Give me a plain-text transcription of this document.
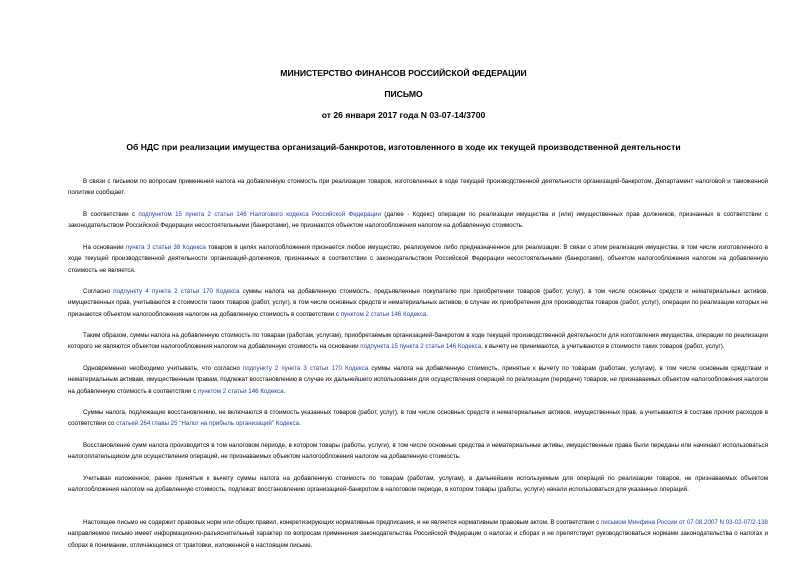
МИНИСТЕРСТВО ФИНАНСОВ РОССИЙСКОЙ ФЕДЕРАЦИИ
ПИСЬМО
от 26 января 2017 года N 03-07-14/3700
Об НДС при реализации имущества организаций-банкротов, изготовленного в ходе их текущей производственной деятельности

В связи с письмом по вопросам применения налога на добавленную стоимость при реализации товаров, изготовленных в ходе текущей производственной деятельности организаций-банкротом, Департамент налоговой и таможенной политики сообщает.

В соответствии с подпунктом 15 пункта 2 статьи 146 Налогового кодекса Российской Федерации (далее - Кодекс) операции по реализации имущества и (или) имущественных прав должников, признанных в соответствии с законодательством Российской Федерации несостоятельными (банкротами), не признаются объектом налогообложения налогом на добавленную стоимость.

На основании пункта 3 статьи 38 Кодекса товаром в целях налогообложения признается любое имущество, реализуемое либо предназначенное для реализации. В связи с этим реализация имущества, в том числе изготовленного в ходе текущей производственной деятельности организаций-должников, признанных в соответствии с законодательством Российской Федерации несостоятельными (банкротами), объектом налогообложения налогом на добавленную стоимость не является.

Согласно подпункту 4 пункта 2 статьи 170 Кодекса суммы налога на добавленную стоимость, предъявленные покупателю при приобретении товаров (работ, услуг), в том числе основных средств и нематериальных активов, имущественных прав, учитываются в стоимости таких товаров (работ, услуг), в том числе основных средств и нематериальных активов, в случае их приобретения для производства товаров (работ, услуг), операции по реализации которых не признаются объектом налогообложения налогом на добавленную стоимость в соответствии с пунктом 2 статьи 146 Кодекса.

Таким образом, суммы налога на добавленную стоимость по товарам (работам, услугам), приобретаемым организацией-банкротом в ходе текущей производственной деятельности для изготовления имущества, операции по реализации которого не являются объектом налогообложения налогом на добавленную стоимость на основании подпункта 15 пункта 2 статьи 146 Кодекса, к вычету не принимаются, а учитываются в стоимости таких товаров (работ, услуг).

Одновременно необходимо учитывать, что согласно подпункту 2 пункта 3 статьи 170 Кодекса суммы налога на добавленную стоимость, принятые к вычету по товарам (работам, услугам), в том числе основным средствам и нематериальным активам, имущественным правам, подлежат восстановлению в случае их дальнейшего использования для осуществления операций по реализации (передаче) товаров, не признаваемых объектом налогообложения налогом на добавленную стоимость в соответствии с пунктом 2 статьи 146 Кодекса.

Суммы налога, подлежащие восстановлению, не включаются в стоимость указанных товаров (работ, услуг), в том числе основных средств и нематериальных активов, имущественных прав, а учитываются в составе прочих расходов в соответствии со статьей 264 главы 25 "Налог на прибыль организаций" Кодекса.

Восстановление сумм налога производится в том налоговом периоде, в котором товары (работы, услуги), в том числе основные средства и нематериальные активы, имущественные права были переданы или начинают использоваться налогоплательщиком для осуществления операций, не признаваемых объектом налогообложения налогом на добавленную стоимость.

Учитывая изложенное, ранее принятые к вычету суммы налога на добавленную стоимость по товарам (работам, услугам), в дальнейшем используемым для операций по реализации товаров, не признаваемых объектом налогообложения налогом на добавленную стоимость, подлежат восстановлению организацией-банкротом в налоговом периоде, в котором товары (работы, услуги) начали использоваться для указанных операций.

Настоящее письмо не содержит правовых норм или общих правил, конкретизирующих нормативные предписания, и не является нормативным правовым актом. В соответствии с письмом Минфина России от 07.08.2007 N 03-02-07/2-138 направляемое письмо имеет информационно-разъяснительный характер по вопросам применения законодательства Российской Федерации о налогах и сборах и не препятствует руководствоваться нормами законодательства о налогах и сборах в понимании, отличающемся от трактовки, изложенной в настоящем письме.
